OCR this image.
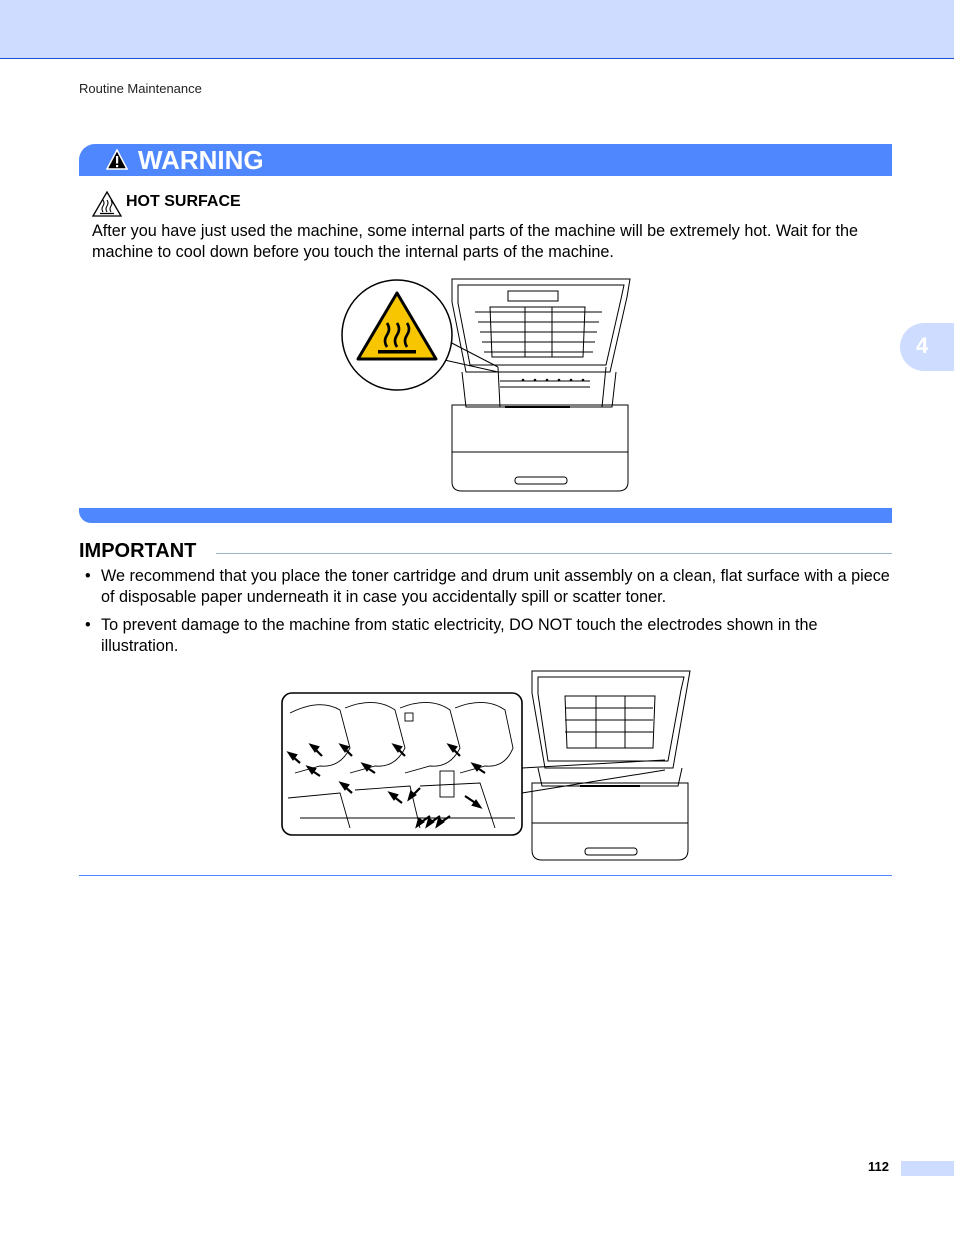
Routine Maintenance
4
WARNING
HOT SURFACE
After you have just used the machine, some internal parts of the machine will be extremely hot. Wait for the machine to cool down before you touch the internal parts of the machine.
IMPORTANT
• We recommend that you place the toner cartridge and drum unit assembly on a clean, flat surface with a piece of disposable paper underneath it in case you accidentally spill or scatter toner.
• To prevent damage to the machine from static electricity, DO NOT touch the electrodes shown in the illustration.
112
